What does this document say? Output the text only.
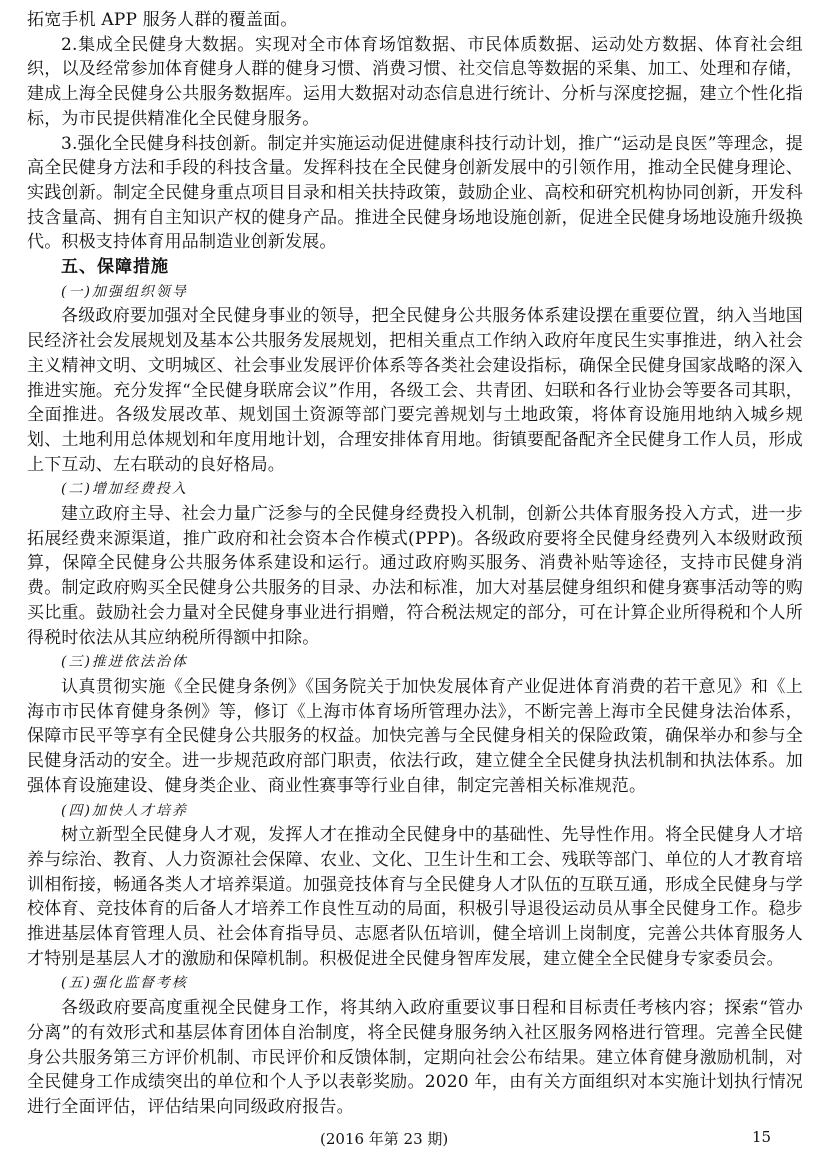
拓宽手机 APP 服务人群的覆盖面。

2.集成全民健身大数据。实现对全市体育场馆数据、市民体质数据、运动处方数据、体育社会组织，以及经常参加体育健身人群的健身习惯、消费习惯、社交信息等数据的采集、加工、处理和存储，建成上海全民健身公共服务数据库。运用大数据对动态信息进行统计、分析与深度挖掘，建立个性化指标，为市民提供精准化全民健身服务。

3.强化全民健身科技创新。制定并实施运动促进健康科技行动计划，推广“运动是良医”等理念，提高全民健身方法和手段的科技含量。发挥科技在全民健身创新发展中的引领作用，推动全民健身理论、实践创新。制定全民健身重点项目目录和相关扶持政策，鼓励企业、高校和研究机构协同创新，开发科技含量高、拥有自主知识产权的健身产品。推进全民健身场地设施创新，促进全民健身场地设施升级换代。积极支持体育用品制造业创新发展。

五、保障措施

(一)加强组织领导

各级政府要加强对全民健身事业的领导，把全民健身公共服务体系建设摆在重要位置，纳入当地国民经济社会发展规划及基本公共服务发展规划，把相关重点工作纳入政府年度民生实事推进，纳入社会主义精神文明、文明城区、社会事业发展评价体系等各类社会建设指标，确保全民健身国家战略的深入推进实施。充分发挥“全民健身联席会议”作用，各级工会、共青团、妇联和各行业协会等要各司其职，全面推进。各级发展改革、规划国土资源等部门要完善规划与土地政策，将体育设施用地纳入城乡规划、土地利用总体规划和年度用地计划，合理安排体育用地。街镇要配备配齐全民健身工作人员，形成上下互动、左右联动的良好格局。

(二)增加经费投入

建立政府主导、社会力量广泛参与的全民健身经费投入机制，创新公共体育服务投入方式，进一步拓展经费来源渠道，推广政府和社会资本合作模式(PPP)。各级政府要将全民健身经费列入本级财政预算，保障全民健身公共服务体系建设和运行。通过政府购买服务、消费补贴等途径，支持市民健身消费。制定政府购买全民健身公共服务的目录、办法和标准，加大对基层健身组织和健身赛事活动等的购买比重。鼓励社会力量对全民健身事业进行捐赠，符合税法规定的部分，可在计算企业所得税和个人所得税时依法从其应纳税所得额中扣除。

(三)推进依法治体

认真贯彻实施《全民健身条例》《国务院关于加快发展体育产业促进体育消费的若干意见》和《上海市市民体育健身条例》等，修订《上海市体育场所管理办法》，不断完善上海市全民健身法治体系，保障市民平等享有全民健身公共服务的权益。加快完善与全民健身相关的保险政策，确保举办和参与全民健身活动的安全。进一步规范政府部门职责，依法行政，建立健全全民健身执法机制和执法体系。加强体育设施建设、健身类企业、商业性赛事等行业自律，制定完善相关标准规范。

(四)加快人才培养

树立新型全民健身人才观，发挥人才在推动全民健身中的基础性、先导性作用。将全民健身人才培养与综治、教育、人力资源社会保障、农业、文化、卫生计生和工会、残联等部门、单位的人才教育培训相衔接，畅通各类人才培养渠道。加强竞技体育与全民健身人才队伍的互联互通，形成全民健身与学校体育、竞技体育的后备人才培养工作良性互动的局面，积极引导退役运动员从事全民健身工作。稳步推进基层体育管理人员、社会体育指导员、志愿者队伍培训，健全培训上岗制度，完善公共体育服务人才特别是基层人才的激励和保障机制。积极促进全民健身智库发展，建立健全全民健身专家委员会。

(五)强化监督考核

各级政府要高度重视全民健身工作，将其纳入政府重要议事日程和目标责任考核内容；探索“管办分离”的有效形式和基层体育团体自治制度，将全民健身服务纳入社区服务网格进行管理。完善全民健身公共服务第三方评价机制、市民评价和反馈体制，定期向社会公布结果。建立体育健身激励机制，对全民健身工作成绩突出的单位和个人予以表彰奖励。2020 年，由有关方面组织对本实施计划执行情况进行全面评估，评估结果向同级政府报告。

(2016 年第 23 期)	15
